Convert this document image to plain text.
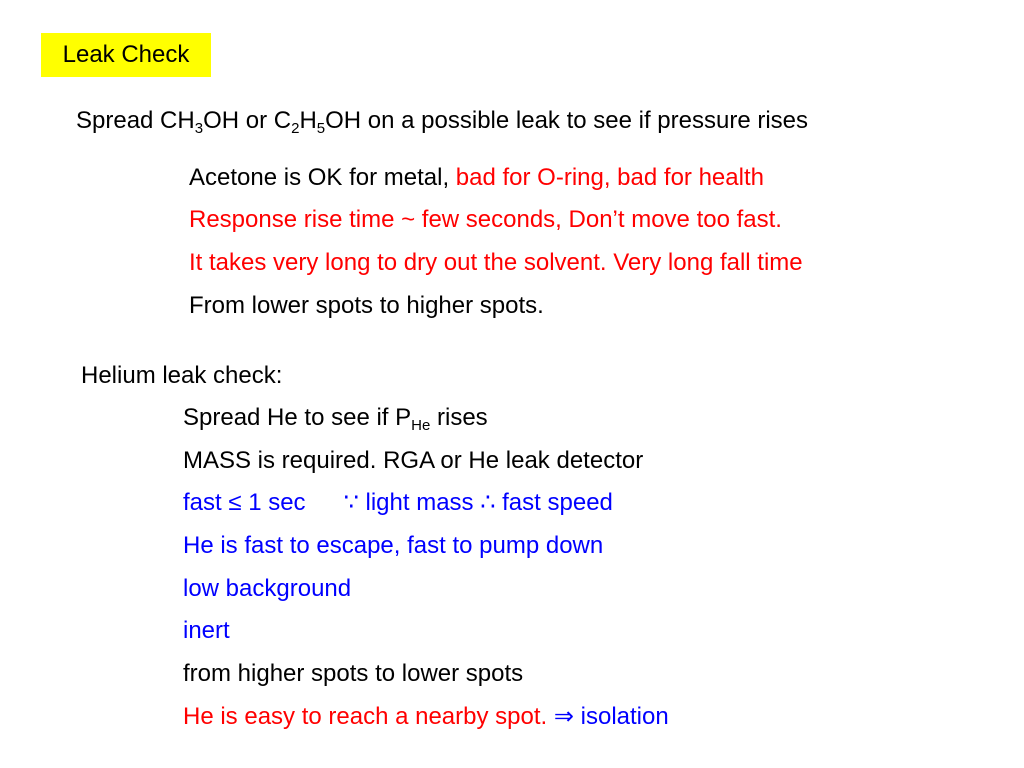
Leak Check
Spread $CH_3OH$ or $C_2H_5OH$ on a possible leak to see if pressure rises
Acetone is OK for metal, bad for O-ring, bad for health
Response rise time ~ few seconds, Don’t move too fast.
It takes very long to dry out the solvent. Very long fall time
From lower spots to higher spots.
Helium leak check:
Spread He to see if $P_{He}$ rises
MASS is required. RGA or He leak detector
fast ≤ 1 sec ∵ light mass ∴ fast speed
He is fast to escape, fast to pump down
low background
inert
from higher spots to lower spots
He is easy to reach a nearby spot. ⇒ isolation
